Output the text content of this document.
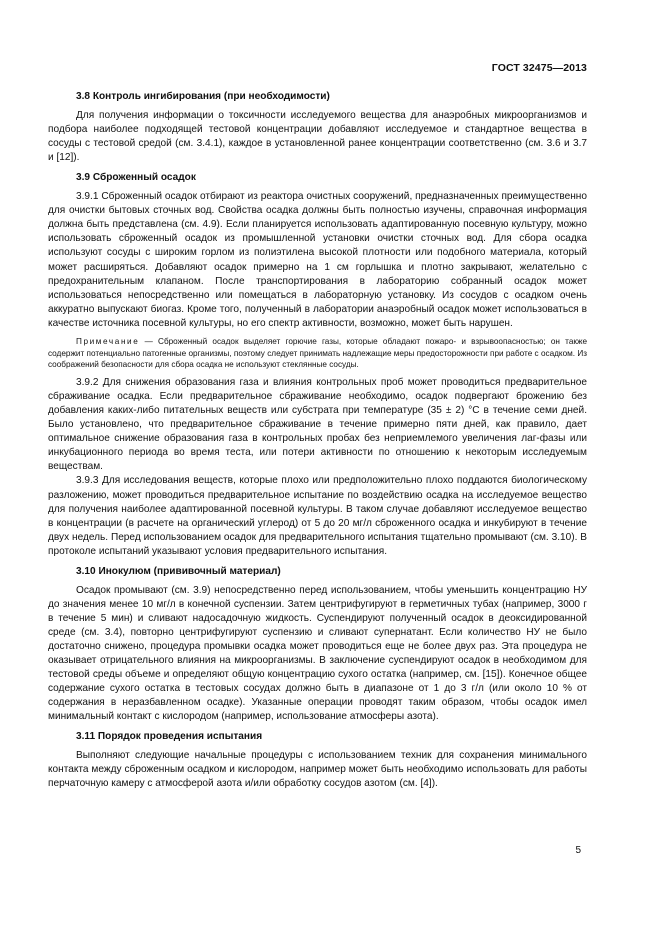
ГОСТ 32475—2013

3.8 Контроль ингибирования (при необходимости)

Для получения информации о токсичности исследуемого вещества для анаэробных микроорганизмов и подбора наиболее подходящей тестовой концентрации добавляют исследуемое и стандартное вещества в сосуды с тестовой средой (см. 3.4.1), каждое в установленной ранее концентрации соответственно (см. 3.6 и 3.7 и [12]).

3.9 Сброженный осадок

3.9.1 Сброженный осадок отбирают из реактора очистных сооружений, предназначенных преимущественно для очистки бытовых сточных вод. Свойства осадка должны быть полностью изучены, справочная информация должна быть представлена (см. 4.9). Если планируется использовать адаптированную посевную культуру, можно использовать сброженный осадок из промышленной установки очистки сточных вод. Для сбора осадка используют сосуды с широким горлом из полиэтилена высокой плотности или подобного материала, который может расширяться. Добавляют осадок примерно на 1 см горлышка и плотно закрывают, желательно с предохранительным клапаном. После транспортирования в лабораторию собранный осадок может использоваться непосредственно или помещаться в лабораторную установку. Из сосудов с осадком очень аккуратно выпускают биогаз. Кроме того, полученный в лаборатории анаэробный осадок может использоваться в качестве источника посевной культуры, но его спектр активности, возможно, может быть нарушен.

Примечание — Сброженный осадок выделяет горючие газы, которые обладают пожаро- и взрывоопасностью; он также содержит потенциально патогенные организмы, поэтому следует принимать надлежащие меры предосторожности при работе с осадком. Из соображений безопасности для сбора осадка не используют стеклянные сосуды.

3.9.2 Для снижения образования газа и влияния контрольных проб может проводиться предварительное сбраживание осадка. Если предварительное сбраживание необходимо, осадок подвергают брожению без добавления каких-либо питательных веществ или субстрата при температуре (35 ± 2) °С в течение семи дней. Было установлено, что предварительное сбраживание в течение примерно пяти дней, как правило, дает оптимальное снижение образования газа в контрольных пробах без неприемлемого увеличения лаг-фазы или инкубационного периода во время теста, или потери активности по отношению к некоторым исследуемым веществам.

3.9.3 Для исследования веществ, которые плохо или предположительно плохо поддаются биологическому разложению, может проводиться предварительное испытание по воздействию осадка на исследуемое вещество для получения наиболее адаптированной посевной культуры. В таком случае добавляют исследуемое вещество в концентрации (в расчете на органический углерод) от 5 до 20 мг/л сброженного осадка и инкубируют в течение двух недель. Перед использованием осадок для предварительного испытания тщательно промывают (см. 3.10). В протоколе испытаний указывают условия предварительного испытания.

3.10 Инокулюм (прививочный материал)

Осадок промывают (см. 3.9) непосредственно перед использованием, чтобы уменьшить концентрацию НУ до значения менее 10 мг/л в конечной суспензии. Затем центрифугируют в герметичных тубах (например, 3000 г в течение 5 мин) и сливают надосадочную жидкость. Суспендируют полученный осадок в деоксидированной среде (см. 3.4), повторно центрифугируют суспензию и сливают супернатант. Если количество НУ не было достаточно снижено, процедура промывки осадка может проводиться еще не более двух раз. Эта процедура не оказывает отрицательного влияния на микроорганизмы. В заключение суспендируют осадок в необходимом для тестовой среды объеме и определяют общую концентрацию сухого остатка (например, см. [15]). Конечное общее содержание сухого остатка в тестовых сосудах должно быть в диапазоне от 1 до 3 г/л (или около 10 % от содержания в неразбавленном осадке). Указанные операции проводят таким образом, чтобы осадок имел минимальный контакт с кислородом (например, использование атмосферы азота).

3.11 Порядок проведения испытания

Выполняют следующие начальные процедуры с использованием техник для сохранения минимального контакта между сброженным осадком и кислородом, например может быть необходимо использовать для работы перчаточную камеру с атмосферой азота и/или обработку сосудов азотом (см. [4]).

5
